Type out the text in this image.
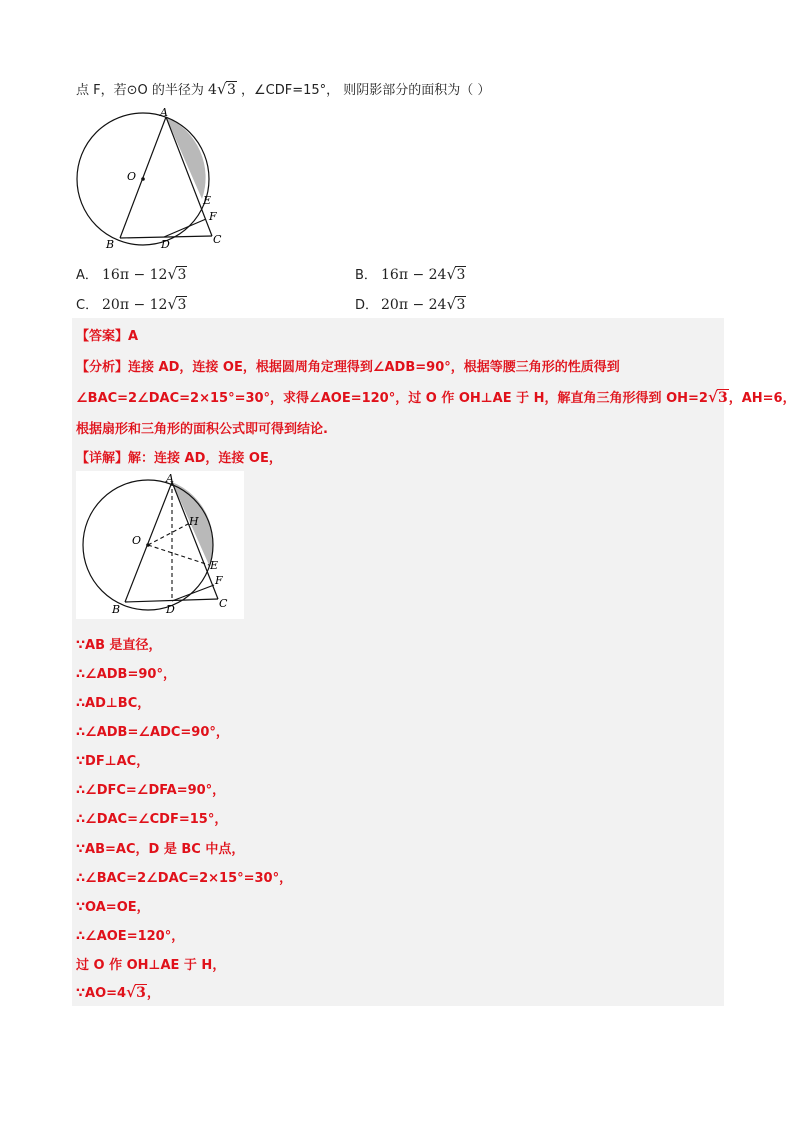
点 F，若⊙O 的半径为 4 √ 3 ，∠CDF=15°， 则阴影部分的面积为（ ）
A
O
E
F
B	D	C
A． 16π − 12 √ 3	B． 16π − 24 √ 3
C． 20π − 12 √ 3	D． 20π − 24 √ 3
【答案】A
【分析】连接 AD，连接 OE，根据圆周角定理得到∠ADB=90°，根据等腰三角形的性质得到
∠BAC=2∠DAC=2×15°=30°，求得∠AOE=120°，过 O 作 OH⊥AE 于 H，解直角三角形得到 OH=2 √ 3，AH=6，
根据扇形和三角形的面积公式即可得到结论.
【详解】解：连接 AD，连接 OE，
A
O
H
E
F
B	D	C
∵AB 是直径，
∴∠ADB=90°，
∴AD⊥BC，
∴∠ADB=∠ADC=90°，
∵DF⊥AC，
∴∠DFC=∠DFA=90°，
∴∠DAC=∠CDF=15°，
∵AB=AC，D 是 BC 中点，
∴∠BAC=2∠DAC=2×15°=30°，
∵OA=OE，
∴∠AOE=120°，
过 O 作 OH⊥AE 于 H，
∵AO=4 √ 3，
